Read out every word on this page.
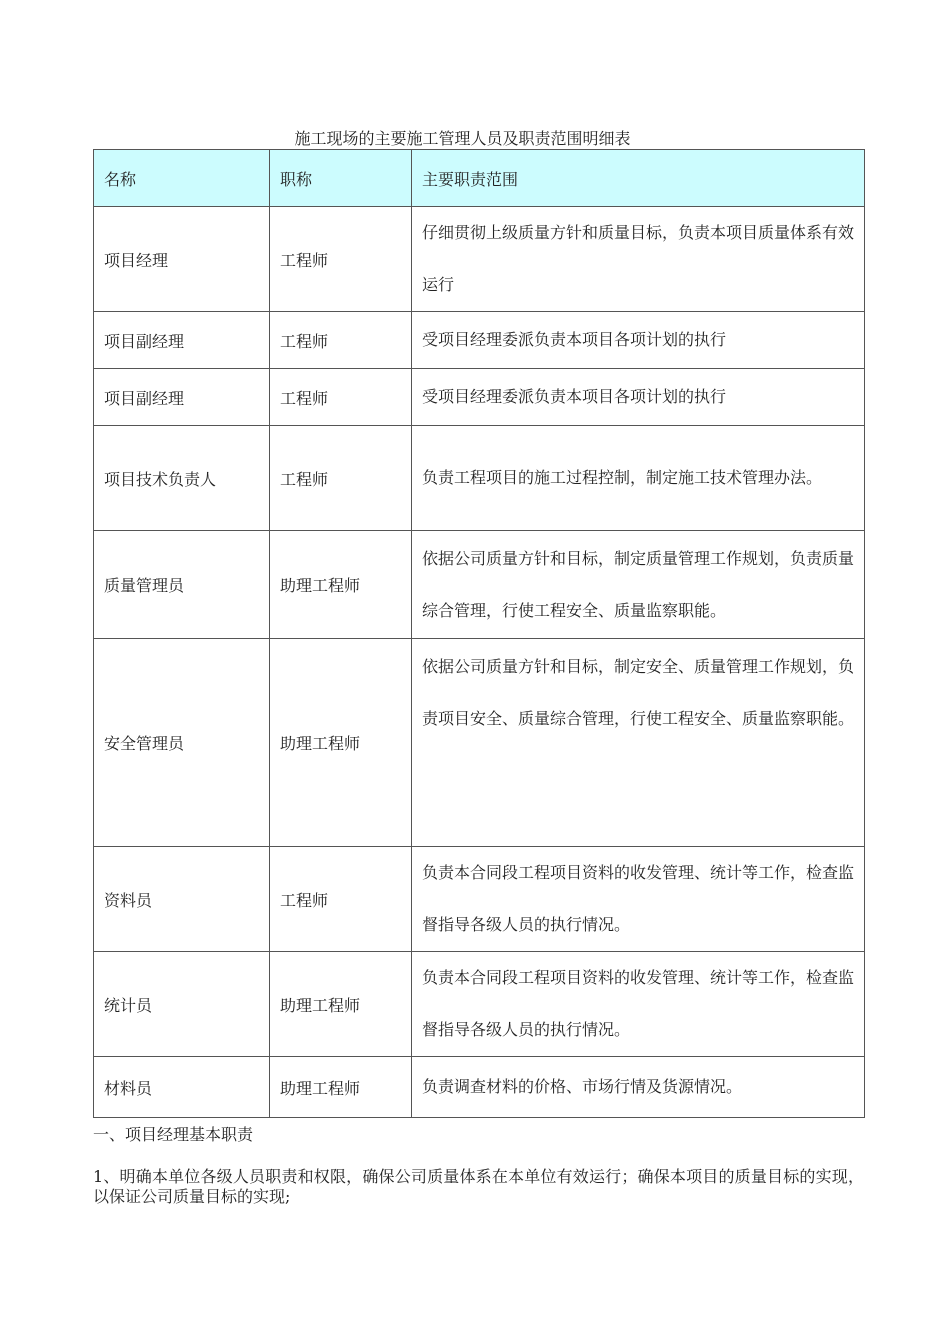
施工现场的主要施工管理人员及职责范围明细表
名称	职称	主要职责范围
项目经理	工程师	仔细贯彻上级质量方针和质量目标，负责本项目质量体系有效运行
项目副经理	工程师	受项目经理委派负责本项目各项计划的执行
项目副经理	工程师	受项目经理委派负责本项目各项计划的执行
项目技术负责人	工程师	负责工程项目的施工过程控制，制定施工技术管理办法。
质量管理员	助理工程师	依据公司质量方针和目标，制定质量管理工作规划，负责质量综合管理，行使工程安全、质量监察职能。
安全管理员	助理工程师	依据公司质量方针和目标，制定安全、质量管理工作规划，负责项目安全、质量综合管理，行使工程安全、质量监察职能。
资料员	工程师	负责本合同段工程项目资料的收发管理、统计等工作，检查监督指导各级人员的执行情况。
统计员	助理工程师	负责本合同段工程项目资料的收发管理、统计等工作，检查监督指导各级人员的执行情况。
材料员	助理工程师	负责调查材料的价格、市场行情及货源情况。
一、项目经理基本职责
1、明确本单位各级人员职责和权限，确保公司质量体系在本单位有效运行；确保本项目的质量目标的实现，以保证公司质量目标的实现;
